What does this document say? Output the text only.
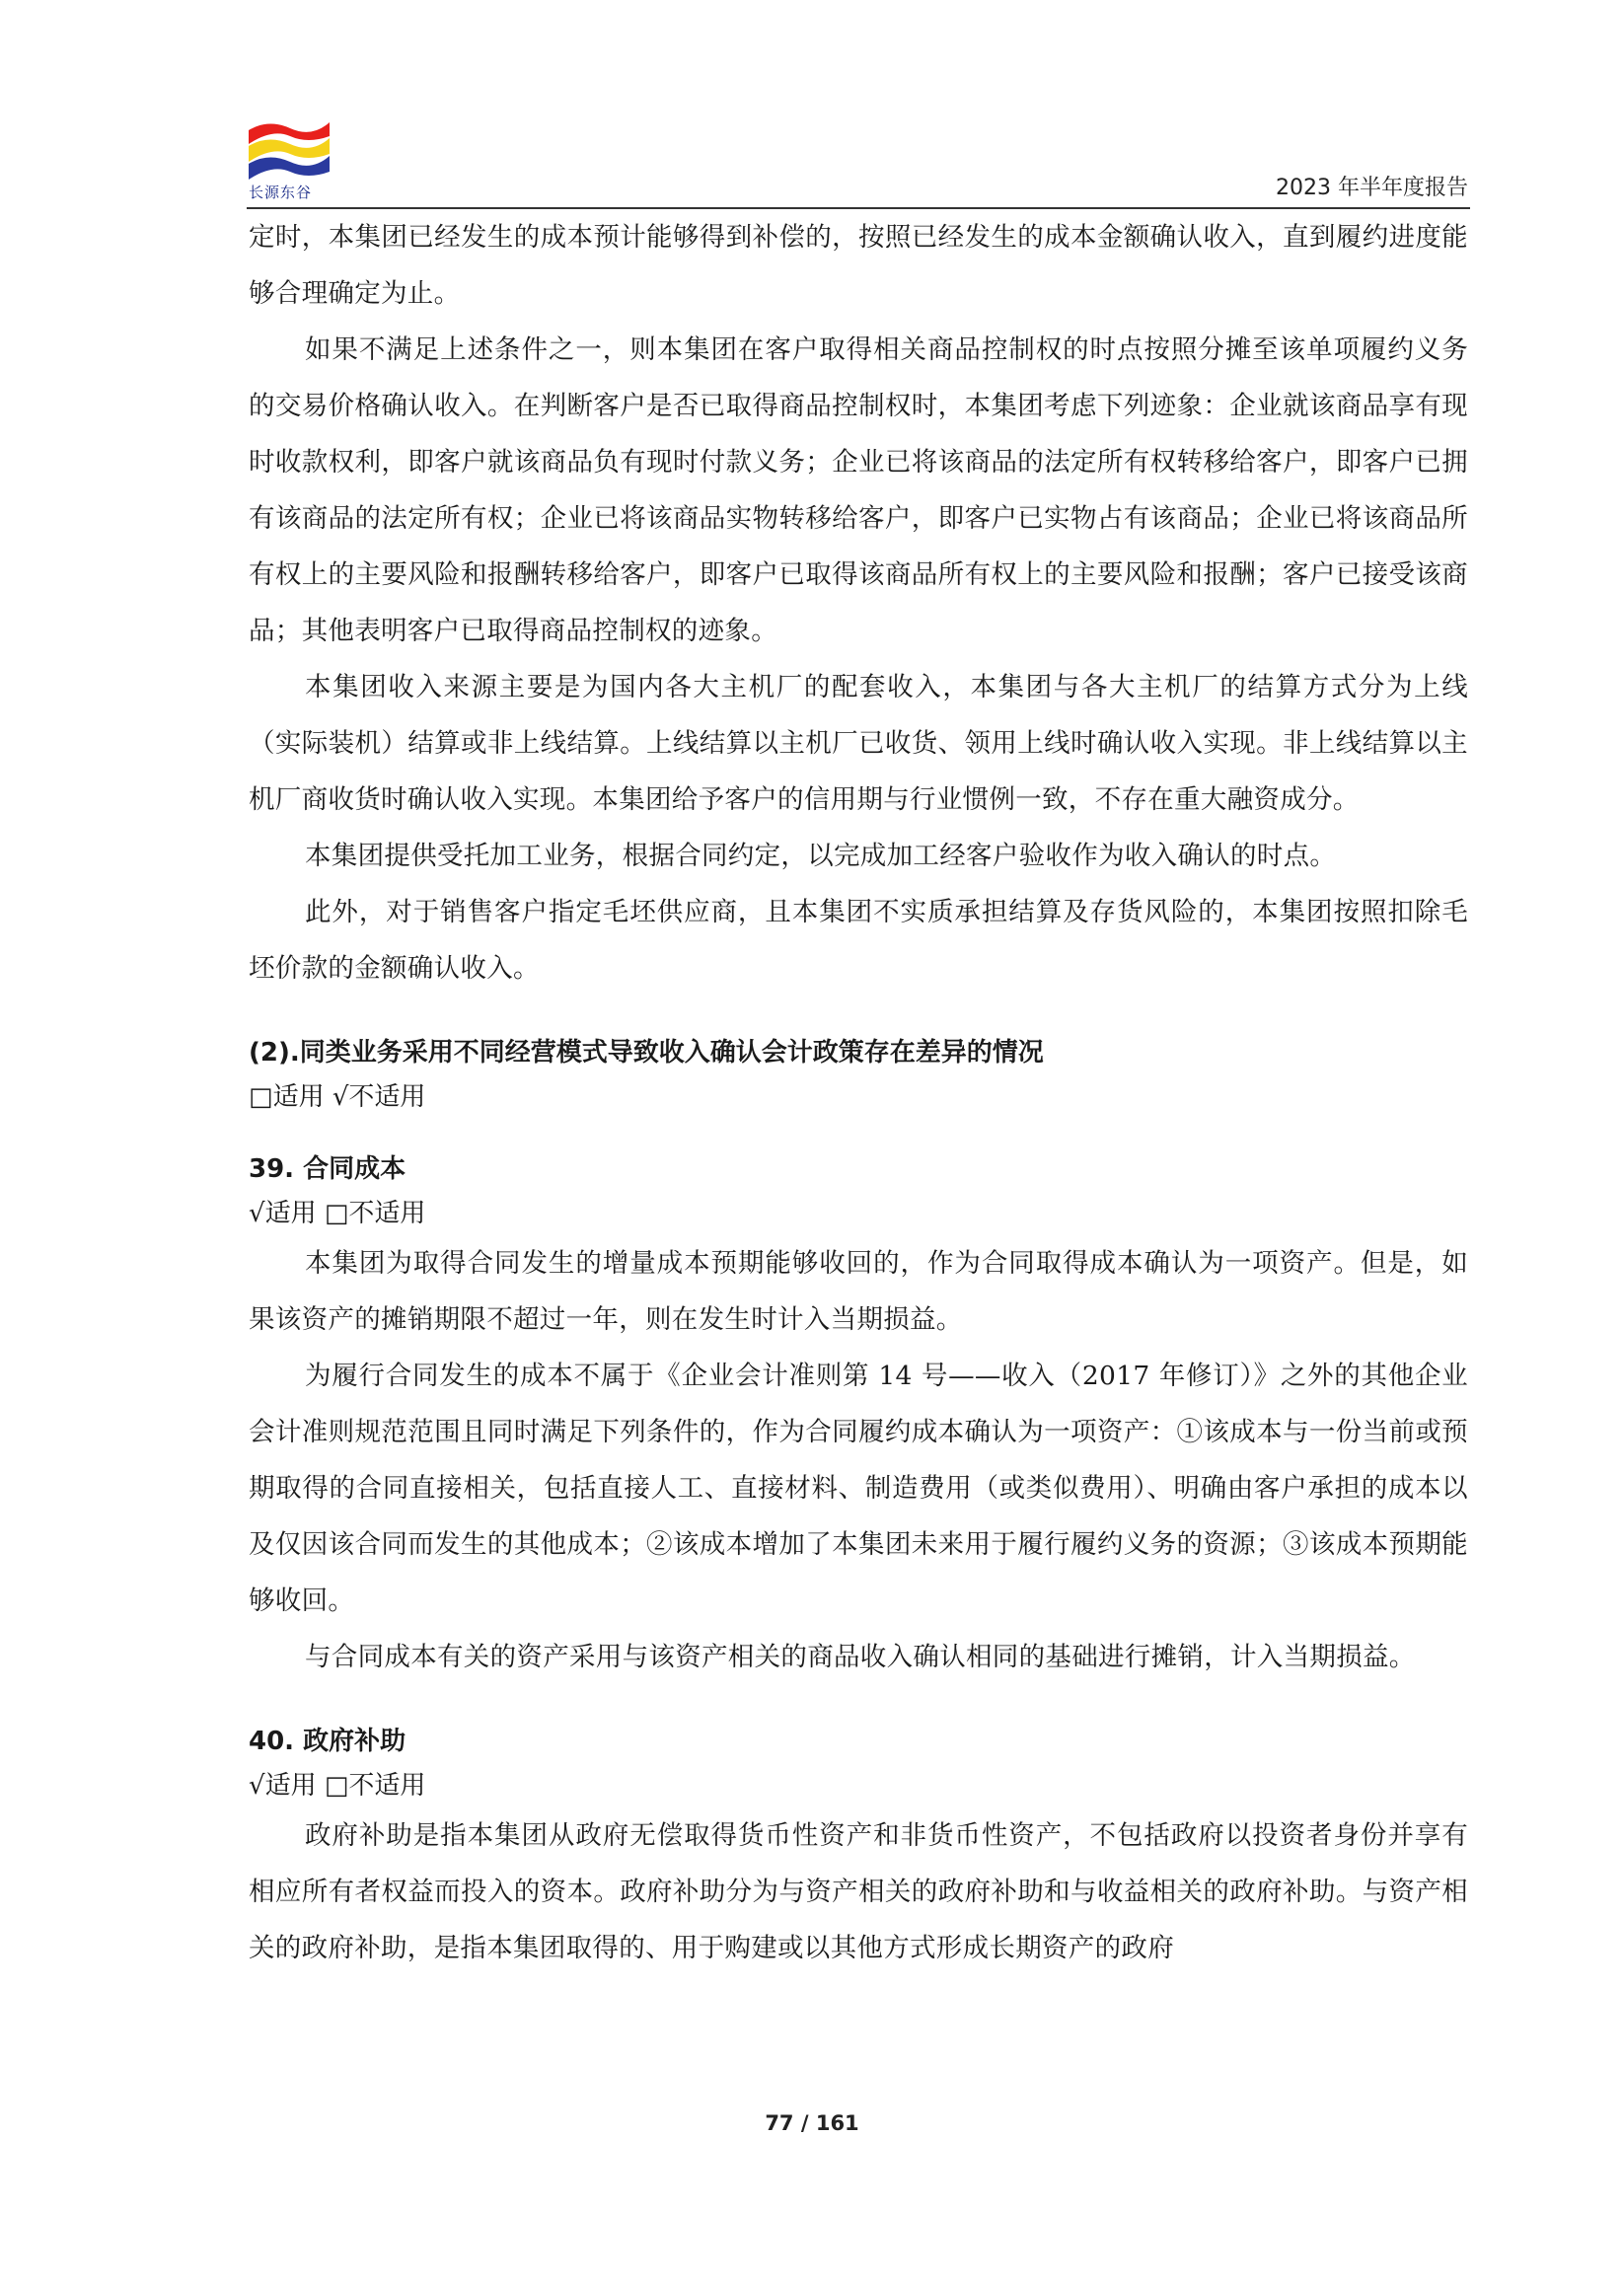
长源东谷	2023 年半年度报告

定时，本集团已经发生的成本预计能够得到补偿的，按照已经发生的成本金额确认收入，直到履约进度能够合理确定为止。

如果不满足上述条件之一，则本集团在客户取得相关商品控制权的时点按照分摊至该单项履约义务的交易价格确认收入。在判断客户是否已取得商品控制权时，本集团考虑下列迹象：企业就该商品享有现时收款权利，即客户就该商品负有现时付款义务；企业已将该商品的法定所有权转移给客户，即客户已拥有该商品的法定所有权；企业已将该商品实物转移给客户，即客户已实物占有该商品；企业已将该商品所有权上的主要风险和报酬转移给客户，即客户已取得该商品所有权上的主要风险和报酬；客户已接受该商品；其他表明客户已取得商品控制权的迹象。

本集团收入来源主要是为国内各大主机厂的配套收入，本集团与各大主机厂的结算方式分为上线（实际装机）结算或非上线结算。上线结算以主机厂已收货、领用上线时确认收入实现。非上线结算以主机厂商收货时确认收入实现。本集团给予客户的信用期与行业惯例一致，不存在重大融资成分。

本集团提供受托加工业务，根据合同约定，以完成加工经客户验收作为收入确认的时点。

此外，对于销售客户指定毛坯供应商，且本集团不实质承担结算及存货风险的，本集团按照扣除毛坯价款的金额确认收入。

(2).同类业务采用不同经营模式导致收入确认会计政策存在差异的情况

□适用 √不适用

39. 合同成本

√适用 □不适用

本集团为取得合同发生的增量成本预期能够收回的，作为合同取得成本确认为一项资产。但是，如果该资产的摊销期限不超过一年，则在发生时计入当期损益。

为履行合同发生的成本不属于《企业会计准则第 14 号——收入（2017 年修订）》之外的其他企业会计准则规范范围且同时满足下列条件的，作为合同履约成本确认为一项资产：①该成本与一份当前或预期取得的合同直接相关，包括直接人工、直接材料、制造费用（或类似费用）、明确由客户承担的成本以及仅因该合同而发生的其他成本；②该成本增加了本集团未来用于履行履约义务的资源；③该成本预期能够收回。

与合同成本有关的资产采用与该资产相关的商品收入确认相同的基础进行摊销，计入当期损益。

40. 政府补助

√适用 □不适用

政府补助是指本集团从政府无偿取得货币性资产和非货币性资产，不包括政府以投资者身份并享有相应所有者权益而投入的资本。政府补助分为与资产相关的政府补助和与收益相关的政府补助。与资产相关的政府补助，是指本集团取得的、用于购建或以其他方式形成长期资产的政府

77 / 161
